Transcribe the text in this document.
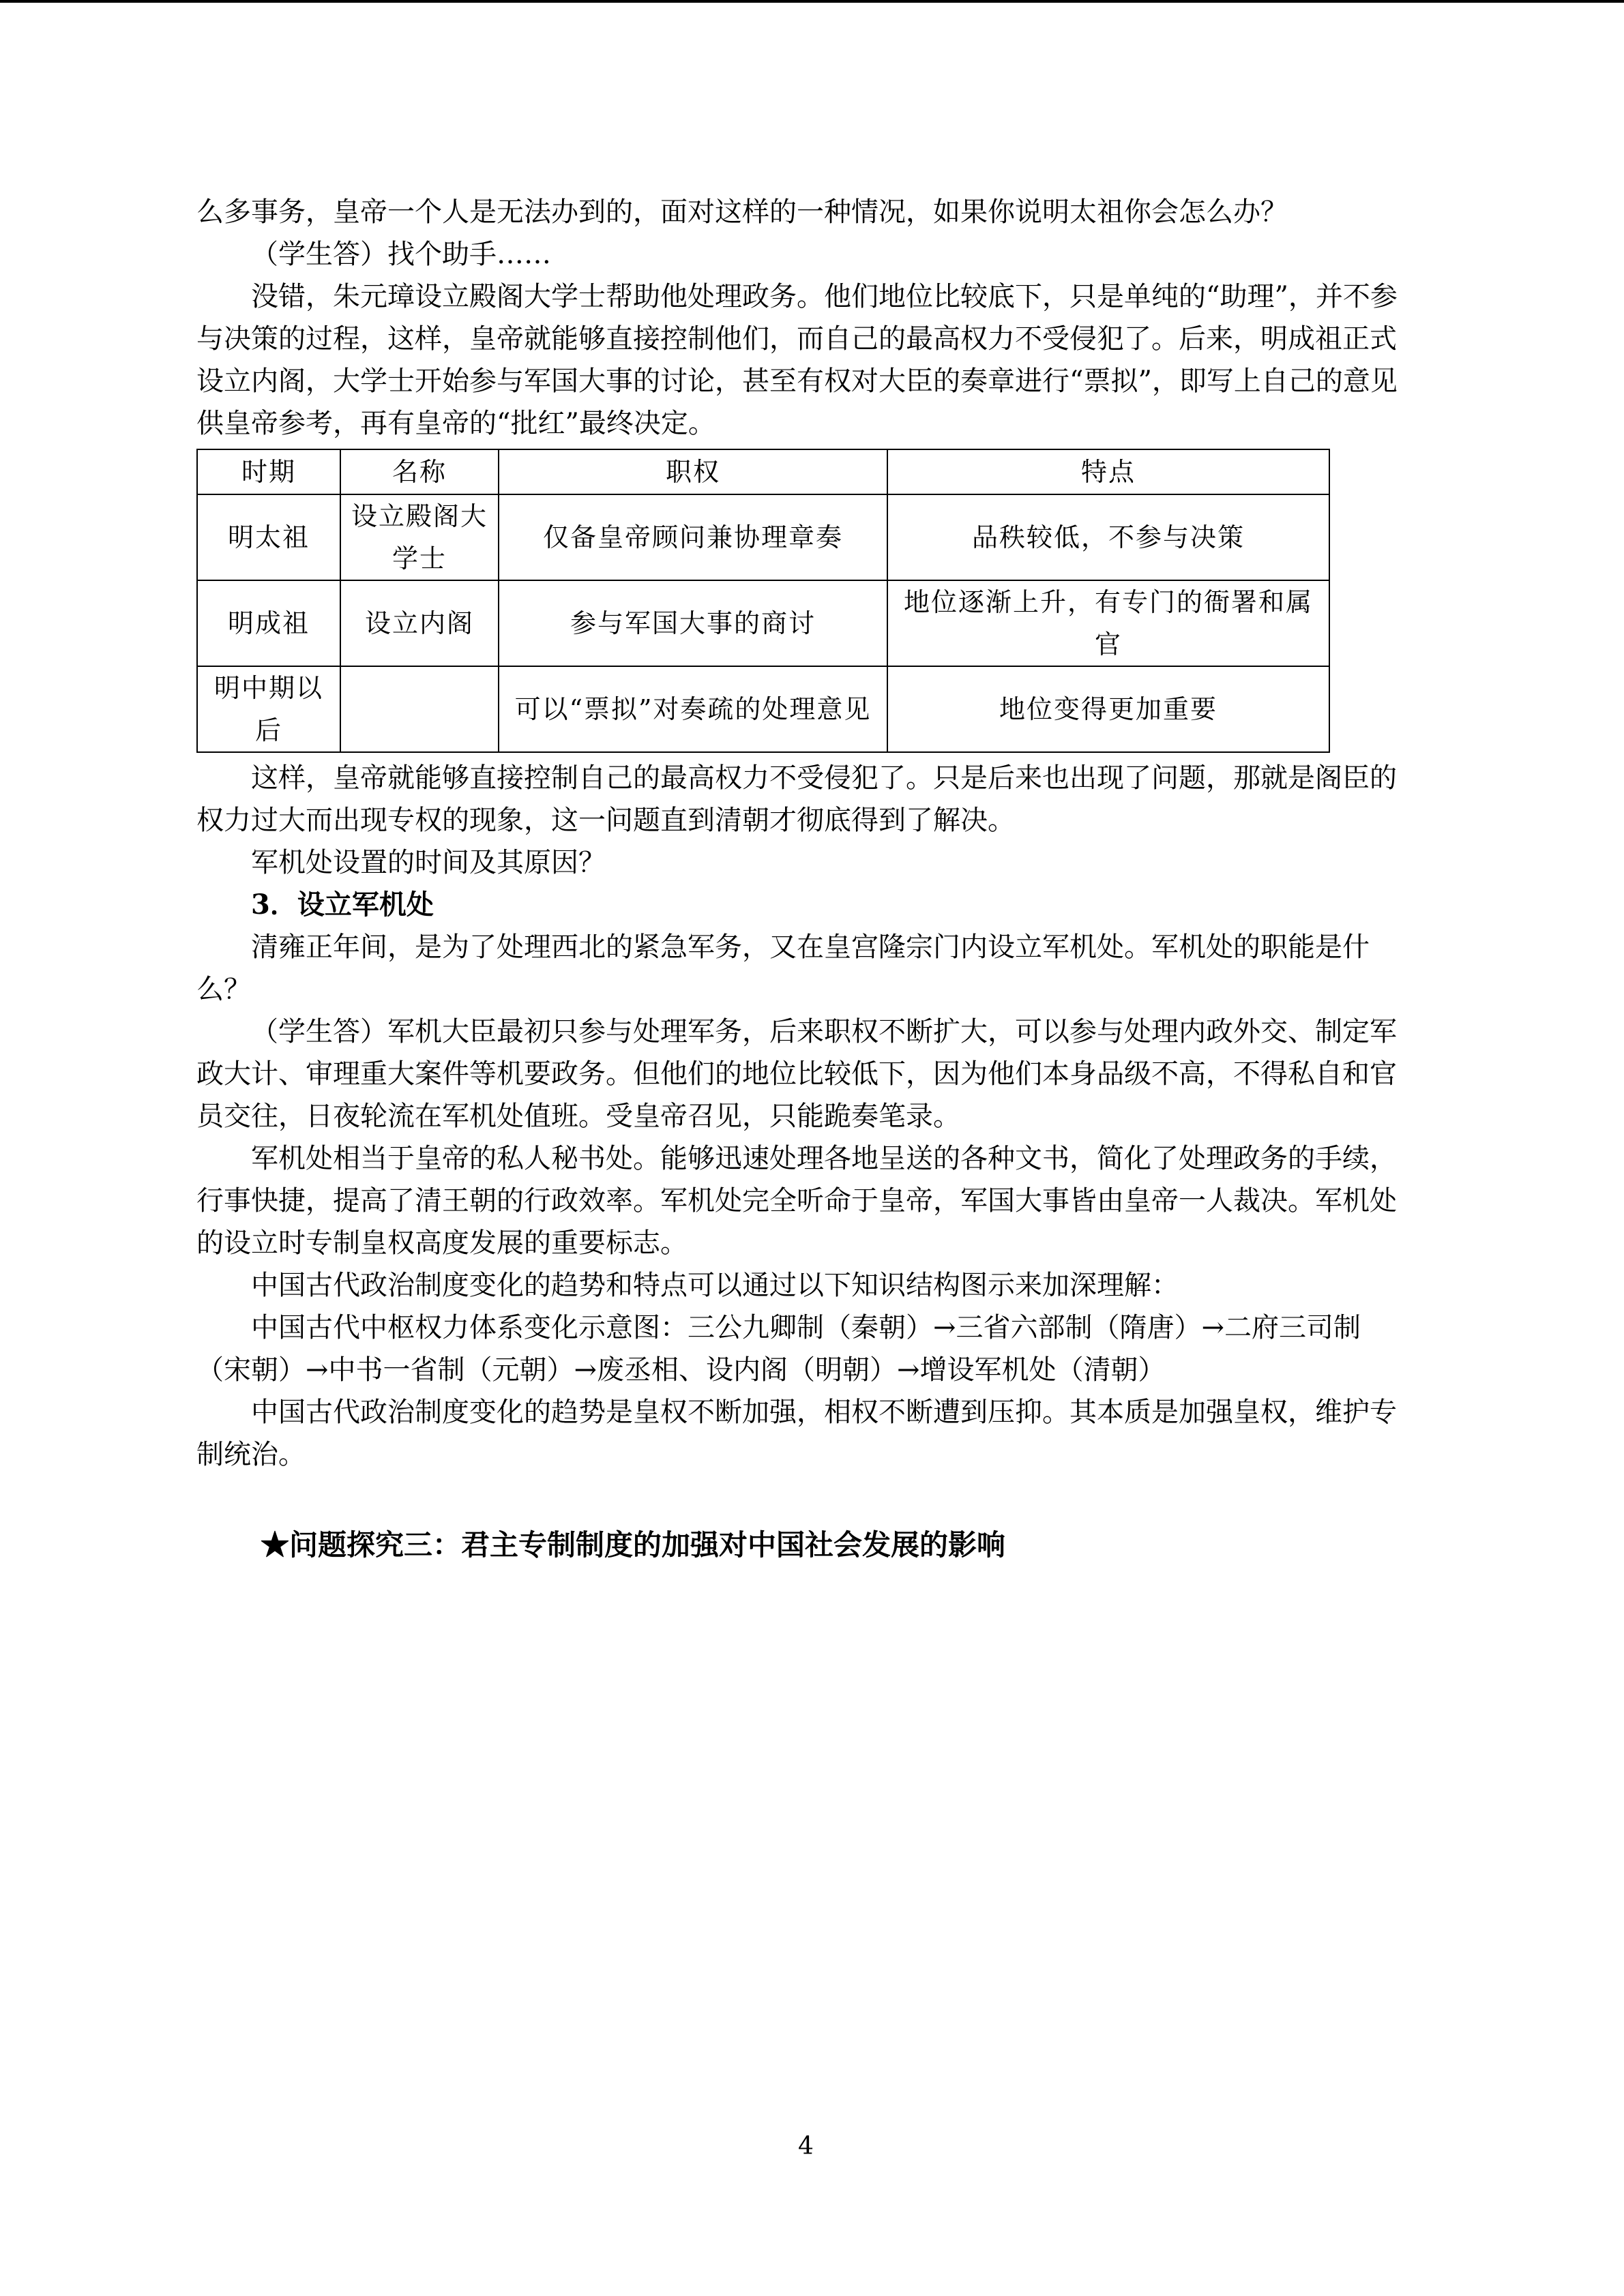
么多事务，皇帝一个人是无法办到的，面对这样的一种情况，如果你说明太祖你会怎么办？

（学生答）找个助手……

没错，朱元璋设立殿阁大学士帮助他处理政务。他们地位比较底下，只是单纯的“助理”，并不参与决策的过程，这样，皇帝就能够直接控制他们，而自己的最高权力不受侵犯了。后来，明成祖正式设立内阁，大学士开始参与军国大事的讨论，甚至有权对大臣的奏章进行“票拟”，即写上自己的意见供皇帝参考，再有皇帝的“批红”最终决定。

时期	名称	职权	特点
明太祖	设立殿阁大学士	仅备皇帝顾问兼协理章奏	品秩较低，不参与决策
明成祖	设立内阁	参与军国大事的商讨	地位逐渐上升，有专门的衙署和属官
明中期以后		可以“票拟”对奏疏的处理意见	地位变得更加重要

这样，皇帝就能够直接控制自己的最高权力不受侵犯了。只是后来也出现了问题，那就是阁臣的权力过大而出现专权的现象，这一问题直到清朝才彻底得到了解决。

军机处设置的时间及其原因？

3．设立军机处

清雍正年间，是为了处理西北的紧急军务，又在皇宫隆宗门内设立军机处。军机处的职能是什么？

（学生答）军机大臣最初只参与处理军务，后来职权不断扩大，可以参与处理内政外交、制定军政大计、审理重大案件等机要政务。但他们的地位比较低下，因为他们本身品级不高，不得私自和官员交往，日夜轮流在军机处值班。受皇帝召见，只能跪奏笔录。

军机处相当于皇帝的私人秘书处。能够迅速处理各地呈送的各种文书，简化了处理政务的手续，行事快捷，提高了清王朝的行政效率。军机处完全听命于皇帝，军国大事皆由皇帝一人裁决。军机处的设立时专制皇权高度发展的重要标志。

中国古代政治制度变化的趋势和特点可以通过以下知识结构图示来加深理解：

中国古代中枢权力体系变化示意图：三公九卿制（秦朝）→三省六部制（隋唐）→二府三司制（宋朝）→中书一省制（元朝）→废丞相、设内阁（明朝）→增设军机处（清朝）

中国古代政治制度变化的趋势是皇权不断加强，相权不断遭到压抑。其本质是加强皇权，维护专制统治。

★问题探究三：君主专制制度的加强对中国社会发展的影响
4
